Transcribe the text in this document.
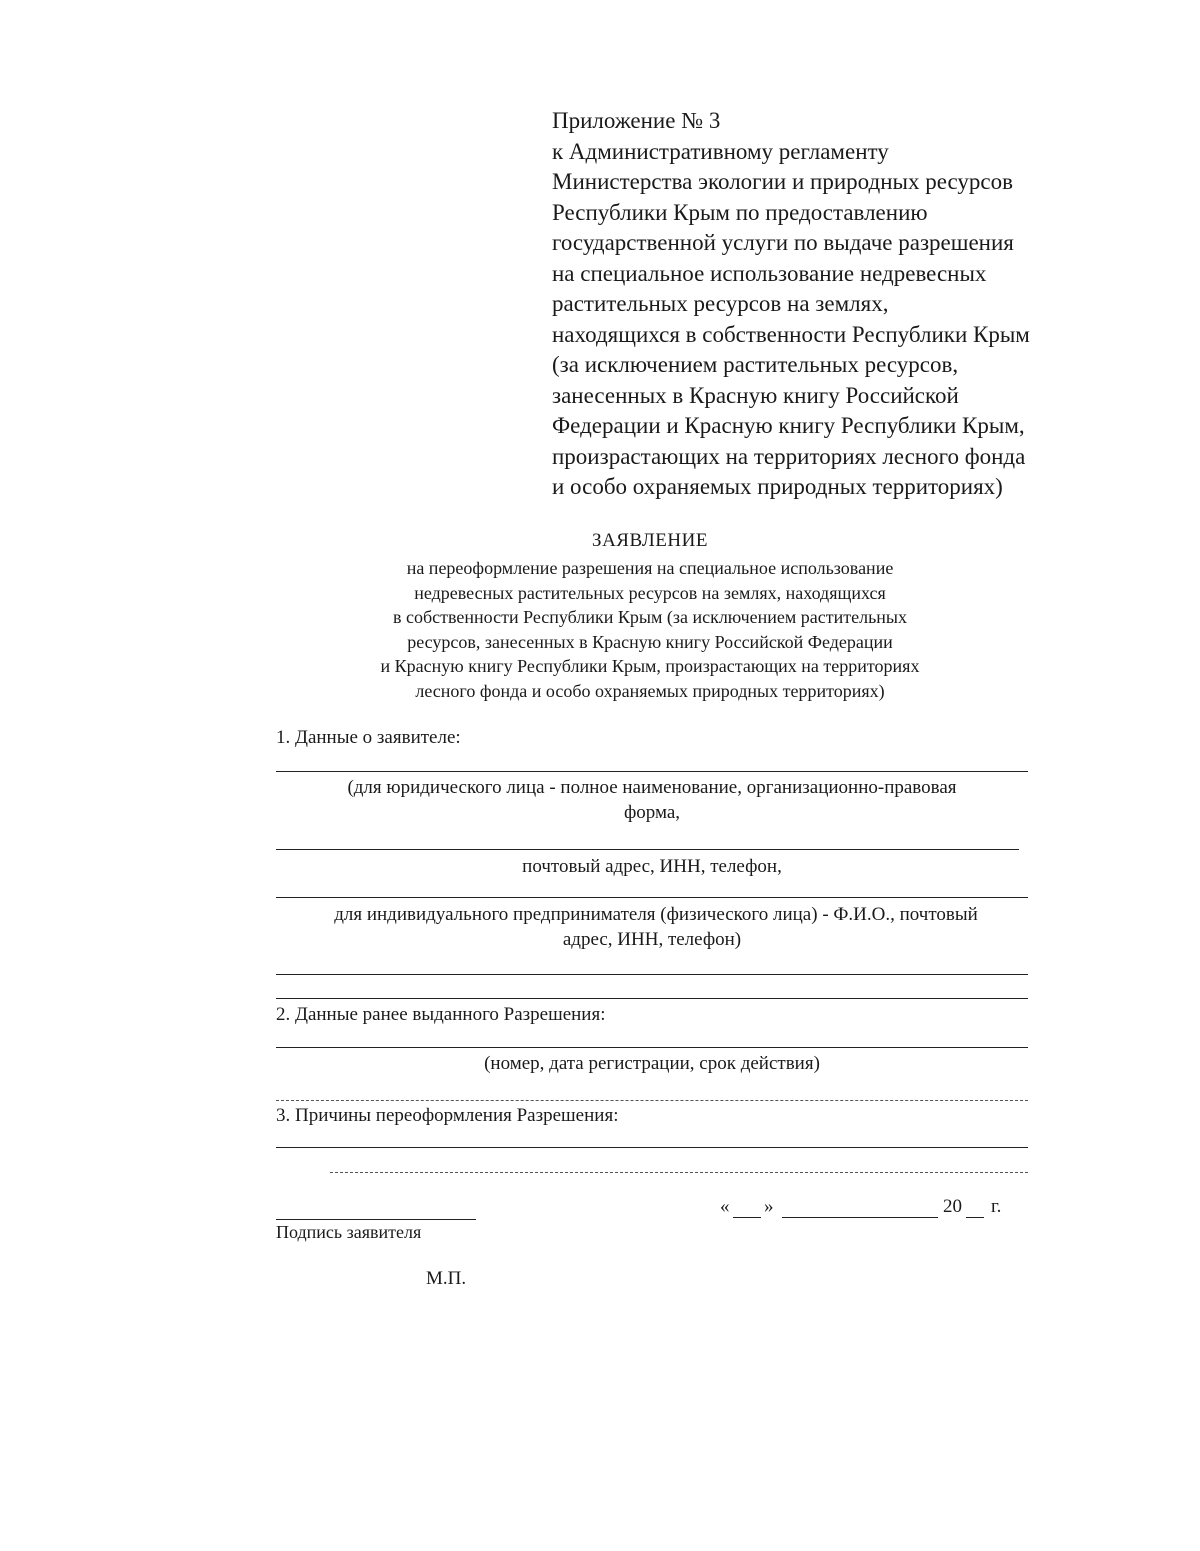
Приложение № 3
к Административному регламенту
Министерства экологии и природных ресурсов
Республики Крым по предоставлению
государственной услуги по выдаче разрешения
на специальное использование недревесных
растительных ресурсов на землях,
находящихся в собственности Республики Крым
(за исключением растительных ресурсов,
занесенных в Красную книгу Российской
Федерации и Красную книгу Республики Крым,
произрастающих на территориях лесного фонда
и особо охраняемых природных территориях)
ЗАЯВЛЕНИЕ
на переоформление разрешения на специальное использование
недревесных растительных ресурсов на землях, находящихся
в собственности Республики Крым (за исключением растительных
ресурсов, занесенных в Красную книгу Российской Федерации
и Красную книгу Республики Крым, произрастающих на территориях
лесного фонда и особо охраняемых природных территориях)
1. Данные о заявителе:
(для юридического лица - полное наименование, организационно-правовая
форма,
почтовый адрес, ИНН, телефон,
для индивидуального предпринимателя (физического лица) - Ф.И.О., почтовый
адрес, ИНН, телефон)
2. Данные ранее выданного Разрешения:
(номер, дата регистрации, срок действия)
3. Причины переоформления Разрешения:
Подпись заявителя
« »	20 г.
М.П.
